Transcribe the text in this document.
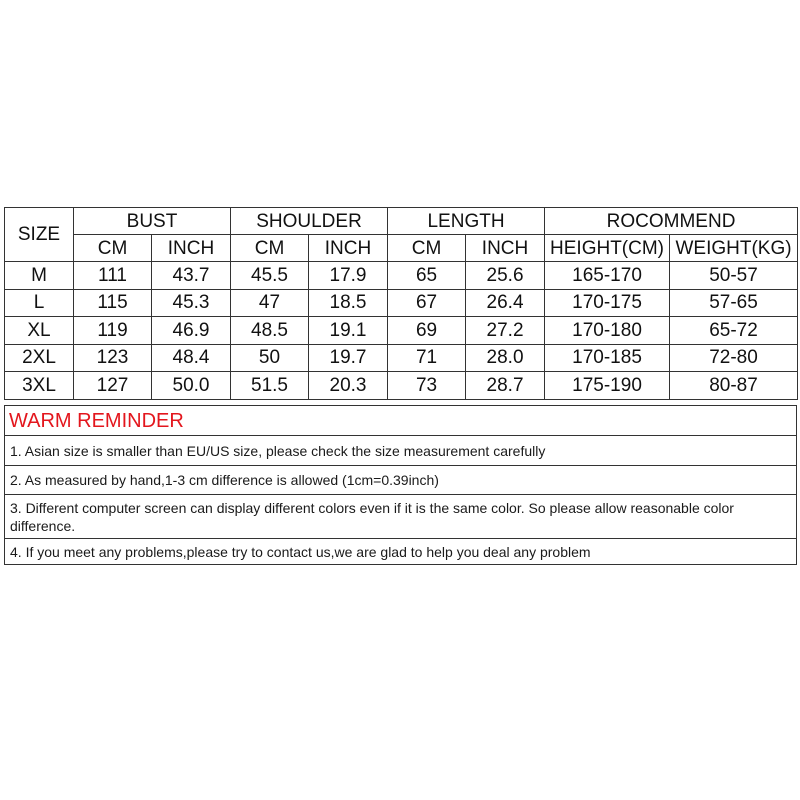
SIZE	BUST		SHOULDER		LENGTH		ROCOMMEND	
	CM	INCH	CM	INCH	CM	INCH	HEIGHT(CM)	WEIGHT(KG)
M	111	43.7	45.5	17.9	65	25.6	165-170	50-57
L	115	45.3	47	18.5	67	26.4	170-175	57-65
XL	119	46.9	48.5	19.1	69	27.2	170-180	65-72
2XL	123	48.4	50	19.7	71	28.0	170-185	72-80
3XL	127	50.0	51.5	20.3	73	28.7	175-190	80-87
WARM REMINDER
1. Asian size is smaller than EU/US size, please check the size measurement carefully
2. As measured by hand,1-3 cm difference is allowed (1cm=0.39inch)
3. Different computer screen can display different colors even if it is the same color. So please allow reasonable color difference.
4. If you meet any problems,please try to contact us,we are glad to help you deal any problem
